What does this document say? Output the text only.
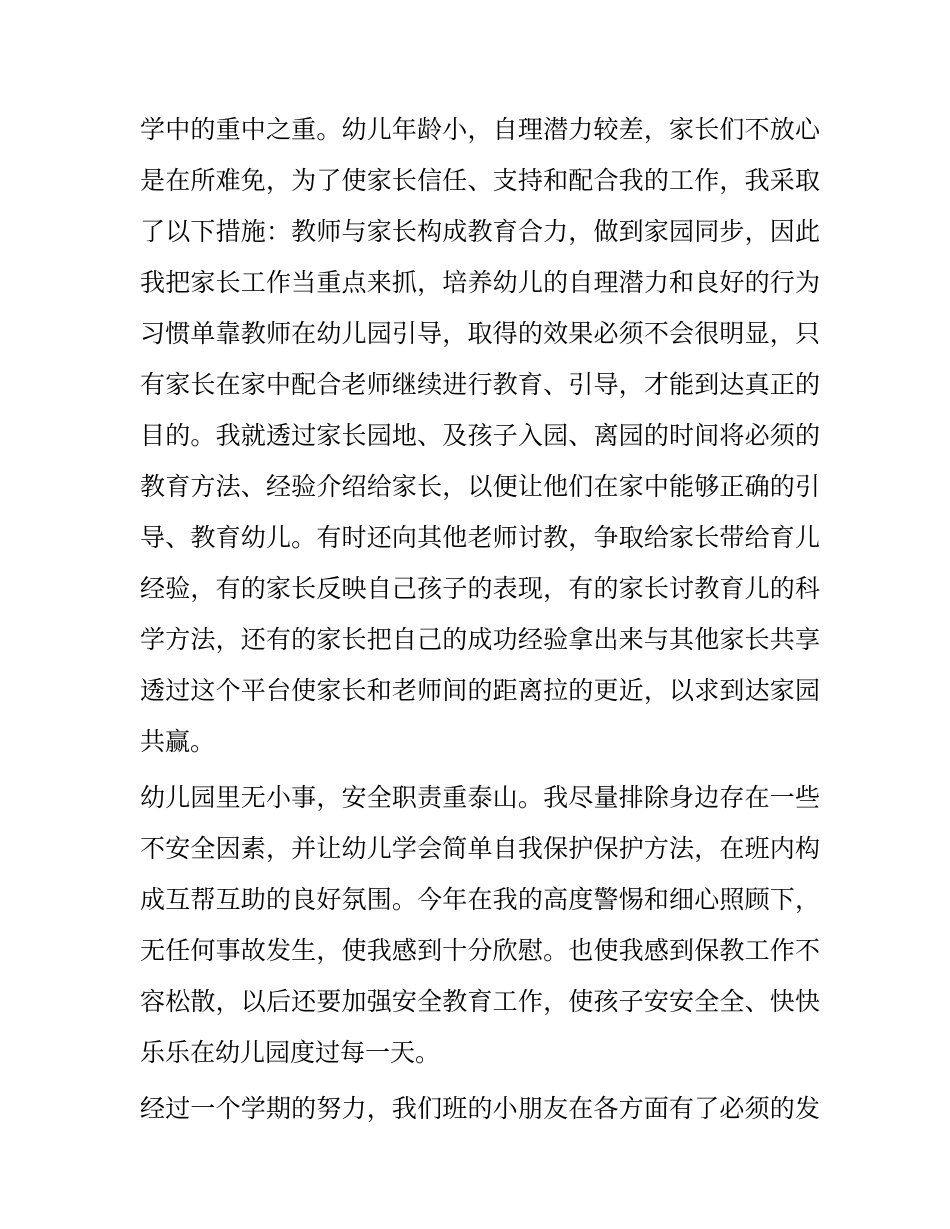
学中的重中之重。幼儿年龄小，自理潜力较差，家长们不放心
是在所难免，为了使家长信任、支持和配合我的工作，我采取
了以下措施：教师与家长构成教育合力，做到家园同步，因此
我把家长工作当重点来抓，培养幼儿的自理潜力和良好的行为
习惯单靠教师在幼儿园引导，取得的效果必须不会很明显，只
有家长在家中配合老师继续进行教育、引导，才能到达真正的
目的。我就透过家长园地、及孩子入园、离园的时间将必须的
教育方法、经验介绍给家长，以便让他们在家中能够正确的引
导、教育幼儿。有时还向其他老师讨教，争取给家长带给育儿
经验，有的家长反映自己孩子的表现，有的家长讨教育儿的科
学方法，还有的家长把自己的成功经验拿出来与其他家长共享
透过这个平台使家长和老师间的距离拉的更近，以求到达家园
共赢。
幼儿园里无小事，安全职责重泰山。我尽量排除身边存在一些
不安全因素，并让幼儿学会简单自我保护保护方法，在班内构
成互帮互助的良好氛围。今年在我的高度警惕和细心照顾下，
无任何事故发生，使我感到十分欣慰。也使我感到保教工作不
容松散，以后还要加强安全教育工作，使孩子安安全全、快快
乐乐在幼儿园度过每一天。
经过一个学期的努力，我们班的小朋友在各方面有了必须的发
